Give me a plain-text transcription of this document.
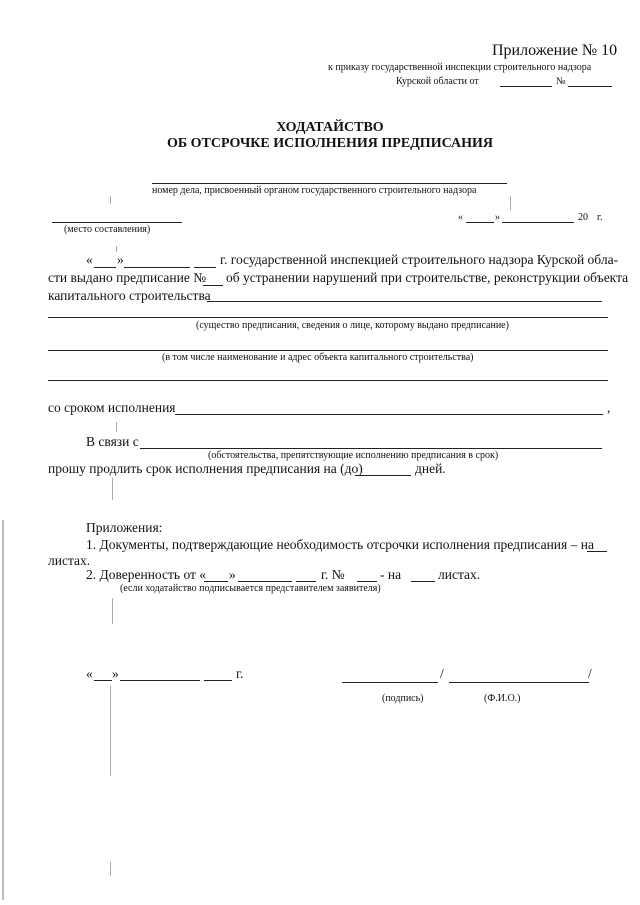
Приложение № 10
к приказу государственной инспекции строительного надзора
Курской области от	№
ХОДАТАЙСТВО
ОБ ОТСРОЧКЕ ИСПОЛНЕНИЯ ПРЕДПИСАНИЯ
номер дела, присвоенный органом государственного строительного надзора
(место составления)
«	»	20 г.
« »	г. государственной инспекцией строительного надзора Курской обла-
сти выдано предписание № об устранении нарушений при строительстве, реконструкции объекта
капитального строительства
(существо предписания, сведения о лице, которому выдано предписание)
(в том числе наименование и адрес объекта капитального строительства)
со сроком исполнения	,
В связи с
(обстоятельства, препятствующие исполнению предписания в срок)
прошу продлить срок исполнения предписания на (до)	дней.
Приложения:
1. Документы, подтверждающие необходимость отсрочки исполнения предписания – на
листах.
2. Доверенность от « »	г. №	- на	листах.
(если ходатайство подписывается представителем заявителя)
« »	г.	/	/
(подпись)	(Ф.И.О.)
